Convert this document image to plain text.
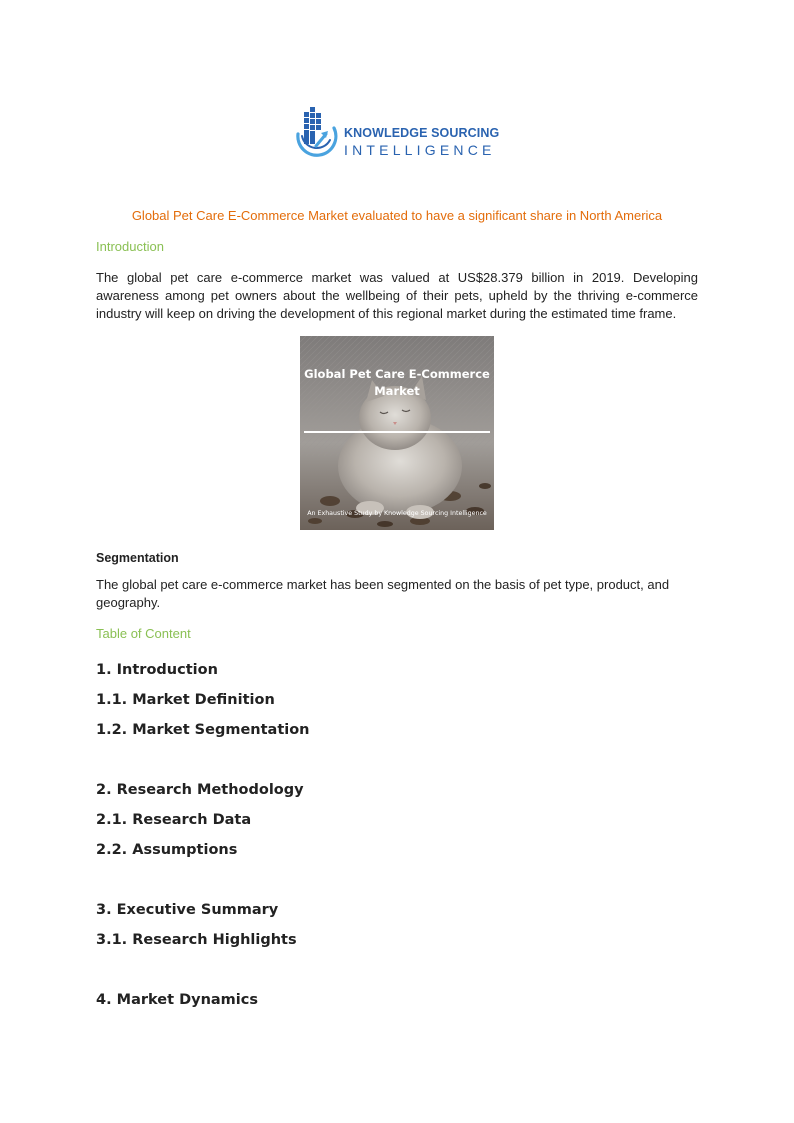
KNOWLEDGE SOURCING
INTELLIGENCE
Global Pet Care E-Commerce Market evaluated to have a significant share in North America
Introduction
The global pet care e-commerce market was valued at US$28.379 billion in 2019. Developing awareness among pet owners about the wellbeing of their pets, upheld by the thriving e-commerce industry will keep on driving the development of this regional market during the estimated time frame.
Global Pet Care E-Commerce Market
An Exhaustive Study by Knowledge Sourcing Intelligence
Segmentation
The global pet care e-commerce market has been segmented on the basis of pet type, product, and geography.
Table of Content
1. Introduction
1.1. Market Definition
1.2. Market Segmentation
2. Research Methodology
2.1. Research Data
2.2. Assumptions
3. Executive Summary
3.1. Research Highlights
4. Market Dynamics
